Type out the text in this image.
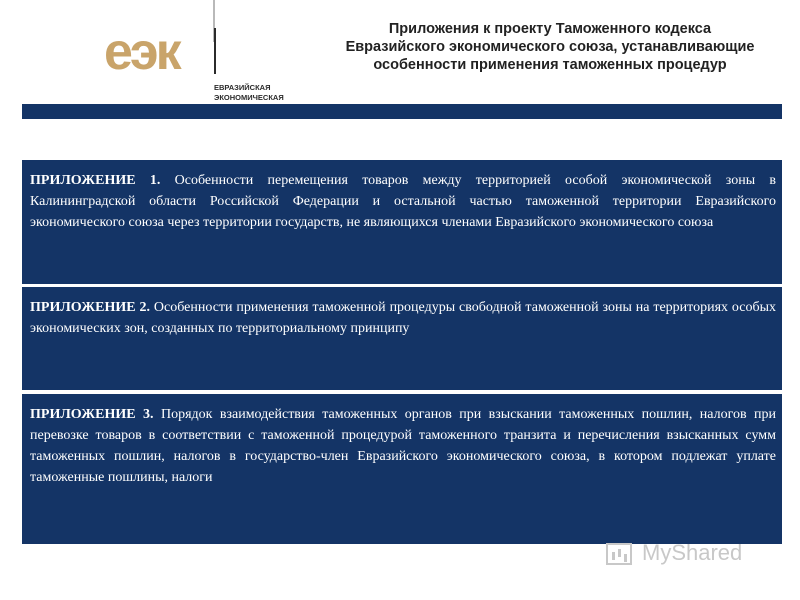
еэк
ЕВРАЗИЙСКАЯ
ЭКОНОМИЧЕСКАЯ
Приложения к проекту Таможенного кодекса
Евразийского экономического союза, устанавливающие
особенности применения таможенных процедур
ПРИЛОЖЕНИЕ 1. Особенности перемещения товаров между территорией особой экономической зоны в Калининградской области Российской Федерации и остальной частью таможенной территории Евразийского экономического союза через территории государств, не являющихся членами Евразийского экономического союза
ПРИЛОЖЕНИЕ 2. Особенности применения таможенной процедуры свободной таможенной зоны на территориях особых экономических зон, созданных по территориальному принципу
ПРИЛОЖЕНИЕ 3. Порядок взаимодействия таможенных органов при взыскании таможенных пошлин, налогов при перевозке товаров в соответствии с таможенной процедурой таможенного транзита и перечисления взысканных сумм таможенных пошлин, налогов в государство-член Евразийского экономического союза, в котором подлежат уплате таможенные пошлины, налоги
MyShared
